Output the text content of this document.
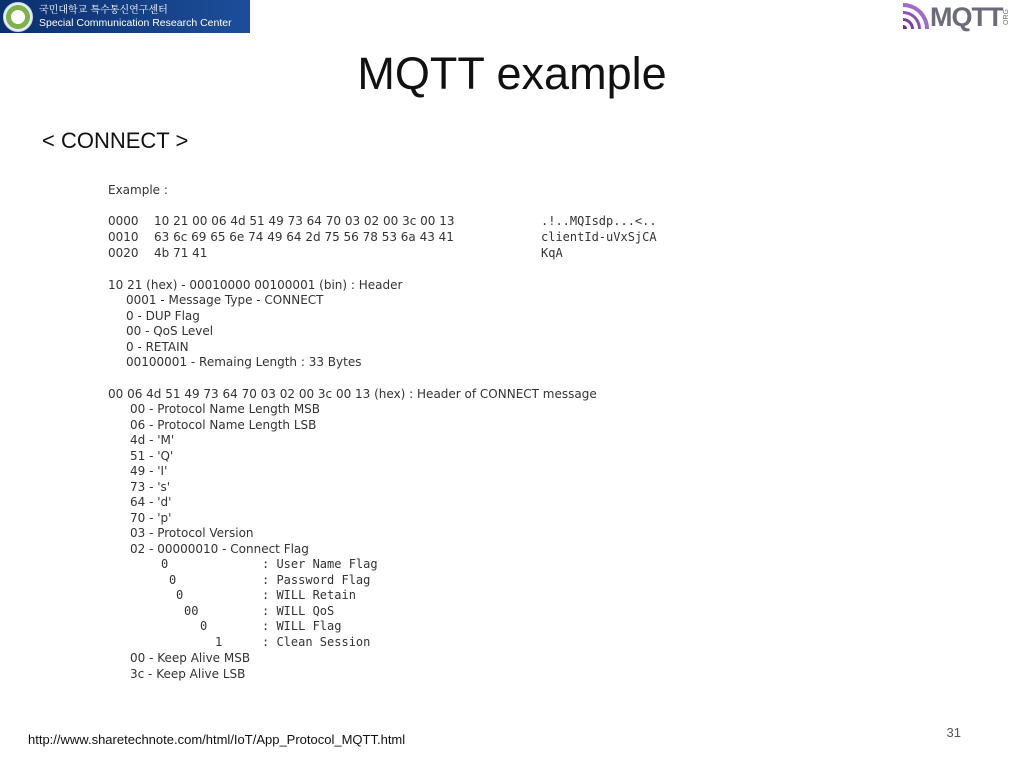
국민대학교 특수통신연구센터
Special Communication Research Center	MQTT ORG
MQTT example
< CONNECT >
Example :
0000 10 21 00 06 4d 51 49 73 64 70 03 02 00 3c 00 13	.!..MQIsdp...<..
0010 63 6c 69 65 6e 74 49 64 2d 75 56 78 53 6a 43 41	clientId-uVxSjCA
0020 4b 71 41	KqA
10 21 (hex) - 00010000 00100001 (bin) : Header
0001 - Message Type - CONNECT
0 - DUP Flag
00 - QoS Level
0 - RETAIN
00100001 - Remaing Length : 33 Bytes
00 06 4d 51 49 73 64 70 03 02 00 3c 00 13 (hex) : Header of CONNECT message
00 - Protocol Name Length MSB
06 - Protocol Name Length LSB
4d - 'M'
51 - 'Q'
49 - 'I'
73 - 's'
64 - 'd'
70 - 'p'
03 - Protocol Version
02 - 00000010 - Connect Flag
0	: User Name Flag
0	: Password Flag
0	: WILL Retain
00	: WILL QoS
0	: WILL Flag
1	: Clean Session
00 - Keep Alive MSB
3c - Keep Alive LSB
http://www.sharetechnote.com/html/IoT/App_Protocol_MQTT.html	31
